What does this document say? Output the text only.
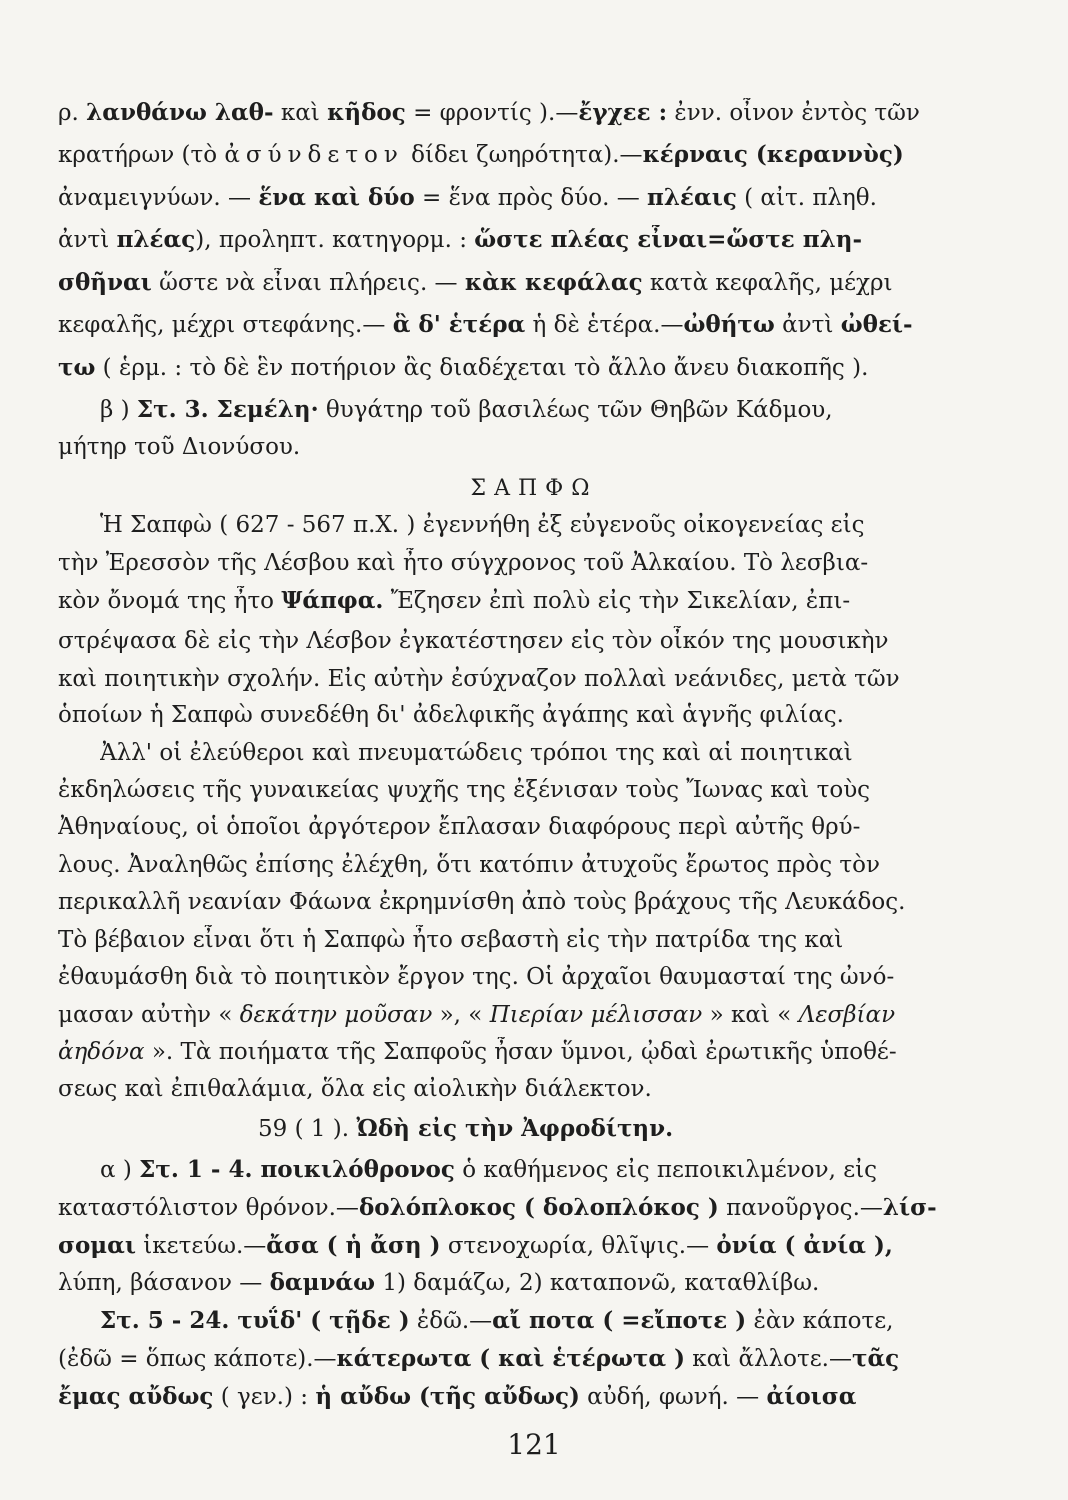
ρ. λανθάνω λαθ- καὶ κῆδος = φροντίς ).—ἔγχεε : ἐνν. οἶνον ἐντὸς τῶν
κρατήρων (τὸ ἀσύνδετον δίδει ζωηρότητα).—κέρναις (κεραννὺς)
ἀναμειγνύων. — ἕνα καὶ δύο = ἕνα πρὸς δύο. — πλέαις ( αἰτ. πληθ.
ἀντὶ πλέας), προληπτ. κατηγορμ. : ὥστε πλέας εἶναι=ὥστε πλη-
σθῆναι ὥστε νὰ εἶναι πλήρεις. — κὰκ κεφάλας κατὰ κεφαλῆς, μέχρι
κεφαλῆς, μέχρι στεφάνης.— ἃ δ' ἑτέρα ἡ δὲ ἑτέρα.—ὠθήτω ἀντὶ ὠθεί-
τω ( ἑρμ. : τὸ δὲ ἓν ποτήριον ἂς διαδέχεται τὸ ἄλλο ἄνευ διακοπῆς ).
β ) Στ. 3. Σεμέλη· θυγάτηρ τοῦ βασιλέως τῶν Θηβῶν Κάδμου,
μήτηρ τοῦ Διονύσου.
ΣΑΠΦΩ
Ἡ Σαπφὼ ( 627 - 567 π.Χ. ) ἐγεννήθη ἐξ εὐγενοῦς οἰκογενείας εἰς
τὴν Ἐρεσσὸν τῆς Λέσβου καὶ ἦτο σύγχρονος τοῦ Ἀλκαίου. Τὸ λεσβια-
κὸν ὄνομά της ἦτο Ψάπφα. Ἔζησεν ἐπὶ πολὺ εἰς τὴν Σικελίαν, ἐπι-
στρέψασα δὲ εἰς τὴν Λέσβον ἐγκατέστησεν εἰς τὸν οἶκόν της μουσικὴν
καὶ ποιητικὴν σχολήν. Εἰς αὐτὴν ἐσύχναζον πολλαὶ νεάνιδες, μετὰ τῶν
ὁποίων ἡ Σαπφὼ συνεδέθη δι' ἀδελφικῆς ἀγάπης καὶ ἁγνῆς φιλίας.
Ἀλλ' οἱ ἐλεύθεροι καὶ πνευματώδεις τρόποι της καὶ αἱ ποιητικαὶ
ἐκδηλώσεις τῆς γυναικείας ψυχῆς της ἐξένισαν τοὺς Ἴωνας καὶ τοὺς
Ἀθηναίους, οἱ ὁποῖοι ἀργότερον ἔπλασαν διαφόρους περὶ αὐτῆς θρύ-
λους. Ἀναληθῶς ἐπίσης ἐλέχθη, ὅτι κατόπιν ἀτυχοῦς ἔρωτος πρὸς τὸν
περικαλλῆ νεανίαν Φάωνα ἐκρημνίσθη ἀπὸ τοὺς βράχους τῆς Λευκάδος.
Τὸ βέβαιον εἶναι ὅτι ἡ Σαπφὼ ἦτο σεβαστὴ εἰς τὴν πατρίδα της καὶ
ἐθαυμάσθη διὰ τὸ ποιητικὸν ἔργον της. Οἱ ἀρχαῖοι θαυμασταί της ὠνό-
μασαν αὐτὴν « δεκάτην μοῦσαν », « Πιερίαν μέλισσαν » καὶ « Λεσβίαν
ἀηδόνα ». Τὰ ποιήματα τῆς Σαπφοῦς ἦσαν ὕμνοι, ᾠδαὶ ἐρωτικῆς ὑποθέ-
σεως καὶ ἐπιθαλάμια, ὅλα εἰς αἰολικὴν διάλεκτον.
59 ( 1 ). Ὠδὴ εἰς τὴν Ἀφροδίτην.
α ) Στ. 1 - 4. ποικιλόθρονος ὁ καθήμενος εἰς πεποικιλμένον, εἰς
καταστόλιστον θρόνον.—δολόπλοκος ( δολοπλόκος ) πανοῦργος.—λίσ-
σομαι ἱκετεύω.—ἄσα ( ἡ ἄση ) στενοχωρία, θλῖψις.— ὀνία ( ἀνία ),
λύπη, βάσανον — δαμνάω 1) δαμάζω, 2) καταπονῶ, καταθλίβω.
Στ. 5 - 24. τυΐδ' ( τῇδε ) ἐδῶ.—αἴ ποτα ( =εἴποτε ) ἐὰν κάποτε,
(ἐδῶ = ὅπως κάποτε).—κάτερωτα ( καὶ ἑτέρωτα ) καὶ ἄλλοτε.—τᾶς
ἔμας αὔδως ( γεν.) : ἡ αὔδω (τῆς αὔδως) αὐδή, φωνή. — ἀίοισα
121
